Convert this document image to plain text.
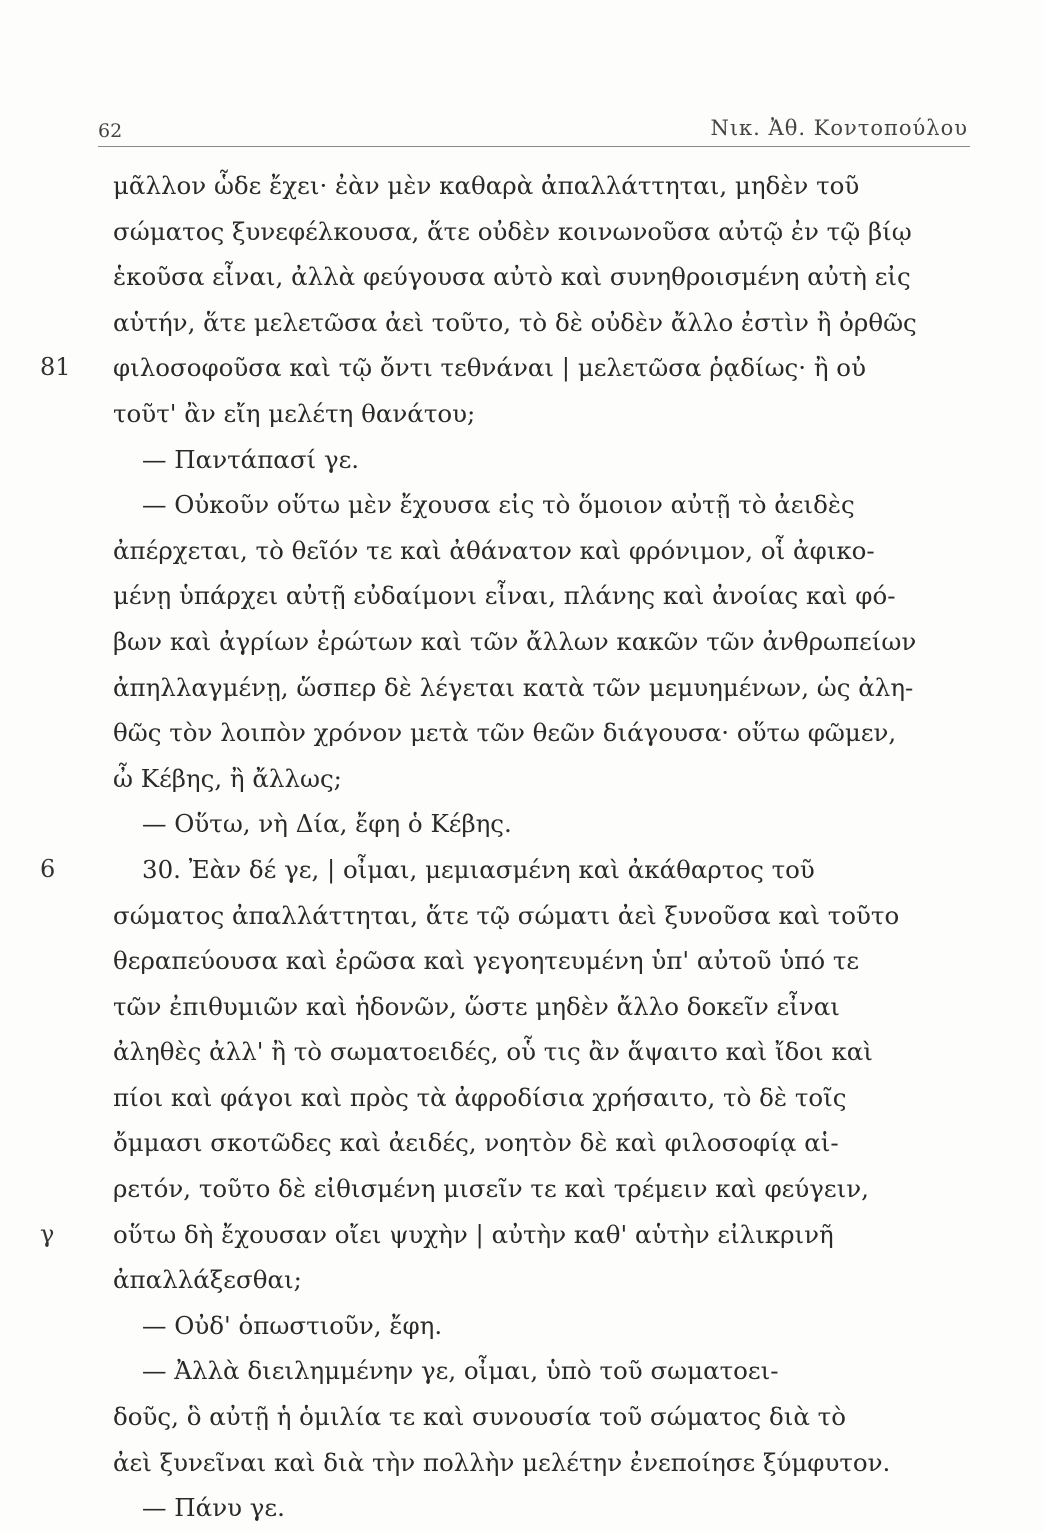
62	Νικ. Ἀθ. Κοντοπούλου
μᾶλλον ὧδε ἔχει· ἐὰν μὲν καθαρὰ ἀπαλλάττηται, μηδὲν τοῦ
σώματος ξυνεφέλκουσα, ἅτε οὐδὲν κοινωνοῦσα αὐτῷ ἐν τῷ βίῳ
ἑκοῦσα εἶναι, ἀλλὰ φεύγουσα αὐτὸ καὶ συνηθροισμένη αὐτὴ εἰς
αὑτήν, ἅτε μελετῶσα ἀεὶ τοῦτο, τὸ δὲ οὐδὲν ἄλλο ἐστὶν ἢ ὀρθῶς
81	φιλοσοφοῦσα καὶ τῷ ὄντι τεθνάναι | μελετῶσα ῥᾳδίως· ἢ οὐ
τοῦτ' ἂν εἴη μελέτη θανάτου;
— Παντάπασί γε.
— Οὐκοῦν οὕτω μὲν ἔχουσα εἰς τὸ ὅμοιον αὐτῇ τὸ ἀειδὲς
ἀπέρχεται, τὸ θεῖόν τε καὶ ἀθάνατον καὶ φρόνιμον, οἷ ἀφικο-
μένῃ ὑπάρχει αὐτῇ εὐδαίμονι εἶναι, πλάνης καὶ ἀνοίας καὶ φό-
βων καὶ ἀγρίων ἐρώτων καὶ τῶν ἄλλων κακῶν τῶν ἀνθρωπείων
ἀπηλλαγμένῃ, ὥσπερ δὲ λέγεται κατὰ τῶν μεμυημένων, ὡς ἀλη-
θῶς τὸν λοιπὸν χρόνον μετὰ τῶν θεῶν διάγουσα· οὕτω φῶμεν,
ὦ Κέβης, ἢ ἄλλως;
— Οὕτω, νὴ Δία, ἔφη ὁ Κέβης.
6	30. Ἐὰν δέ γε, | οἶμαι, μεμιασμένη καὶ ἀκάθαρτος τοῦ
σώματος ἀπαλλάττηται, ἅτε τῷ σώματι ἀεὶ ξυνοῦσα καὶ τοῦτο
θεραπεύουσα καὶ ἐρῶσα καὶ γεγοητευμένη ὑπ' αὐτοῦ ὑπό τε
τῶν ἐπιθυμιῶν καὶ ἡδονῶν, ὥστε μηδὲν ἄλλο δοκεῖν εἶναι
ἀληθὲς ἀλλ' ἢ τὸ σωματοειδές, οὗ τις ἂν ἅψαιτο καὶ ἴδοι καὶ
πίοι καὶ φάγοι καὶ πρὸς τὰ ἀφροδίσια χρήσαιτο, τὸ δὲ τοῖς
ὄμμασι σκοτῶδες καὶ ἀειδές, νοητὸν δὲ καὶ φιλοσοφίᾳ αἱ-
ρετόν, τοῦτο δὲ εἰθισμένη μισεῖν τε καὶ τρέμειν καὶ φεύγειν,
γ	οὕτω δὴ ἔχουσαν οἴει ψυχὴν | αὐτὴν καθ' αὑτὴν εἰλικρινῆ
ἀπαλλάξεσθαι;
— Οὐδ' ὁπωστιοῦν, ἔφη.
— Ἀλλὰ διειλημμένην γε, οἶμαι, ὑπὸ τοῦ σωματοει-
δοῦς, ὃ αὐτῇ ἡ ὁμιλία τε καὶ συνουσία τοῦ σώματος διὰ τὸ
ἀεὶ ξυνεῖναι καὶ διὰ τὴν πολλὴν μελέτην ἐνεποίησε ξύμφυτον.
— Πάνυ γε.
